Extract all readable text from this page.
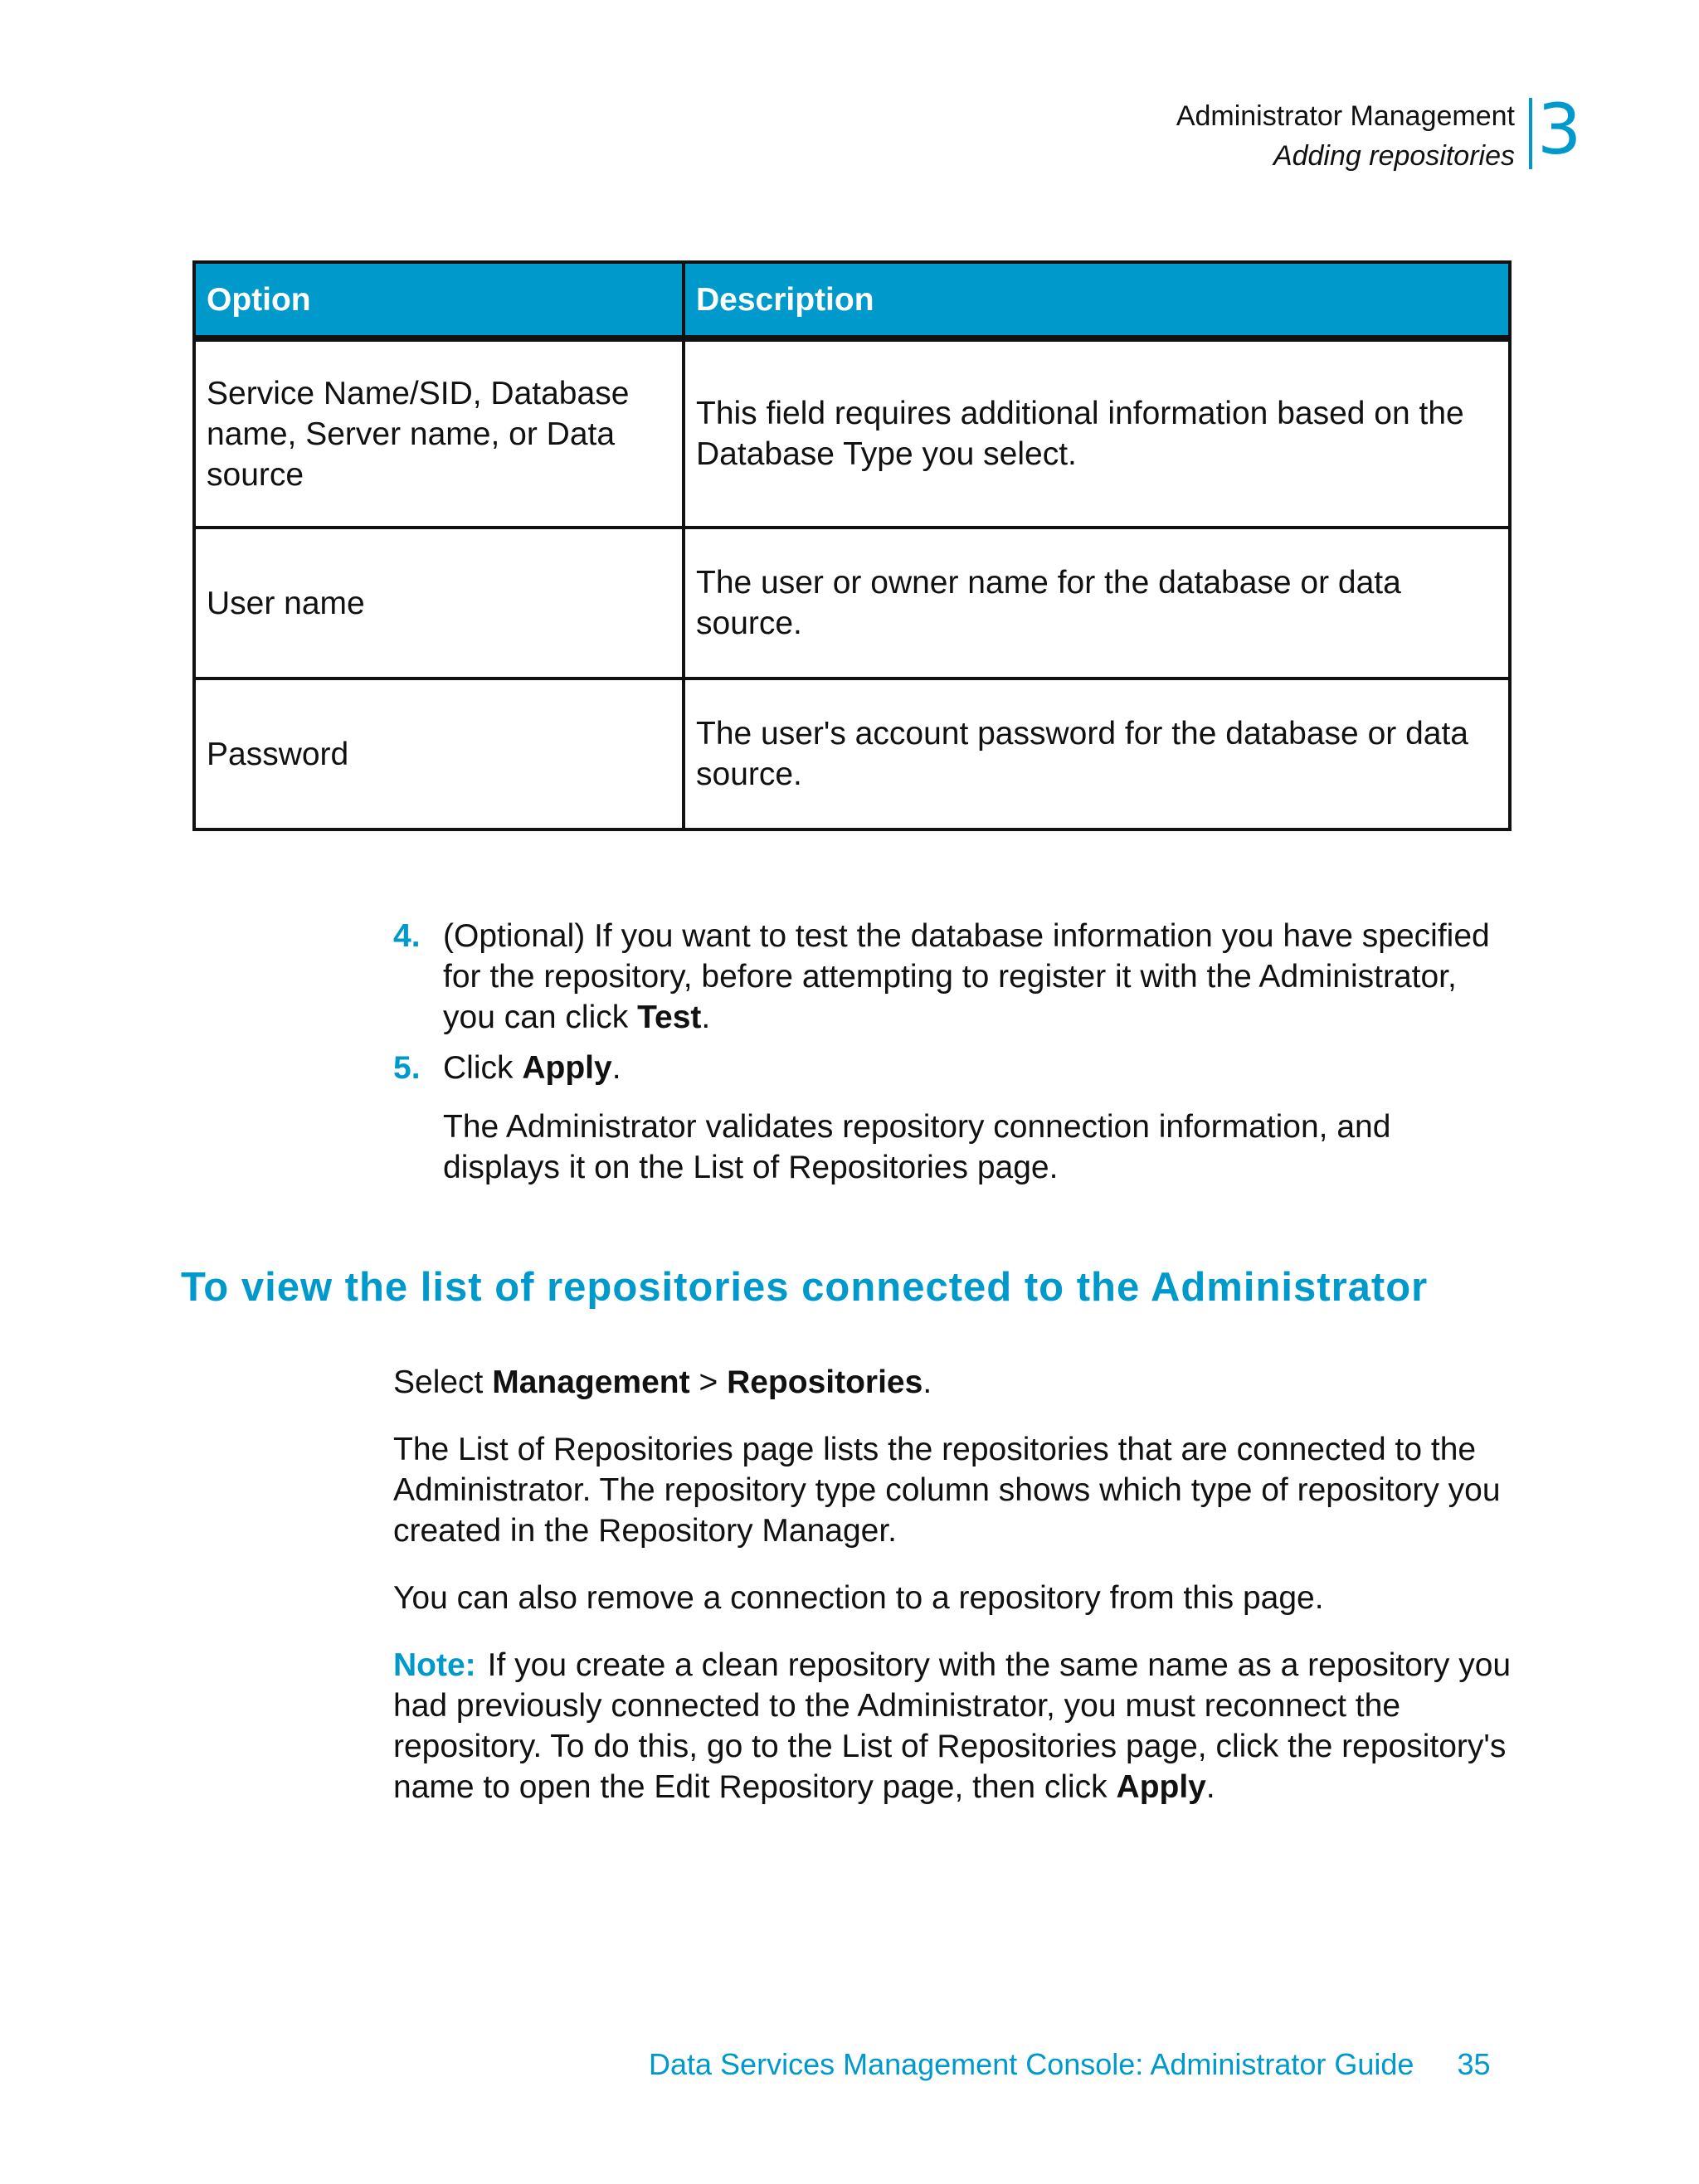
Administrator Management
Adding repositories 3
Option	Description
Service Name/SID, Database name, Server name, or Data source	This field requires additional information based on the Database Type you select.
User name	The user or owner name for the database or data source.
Password	The user's account password for the database or data source.
4. (Optional) If you want to test the database information you have specified for the repository, before attempting to register it with the Administrator, you can click Test.
5. Click Apply.
The Administrator validates repository connection information, and displays it on the List of Repositories page.
To view the list of repositories connected to the Administrator

Select Management > Repositories.

The List of Repositories page lists the repositories that are connected to the Administrator. The repository type column shows which type of repository you created in the Repository Manager.

You can also remove a connection to a repository from this page.

Note: If you create a clean repository with the same name as a repository you had previously connected to the Administrator, you must reconnect the repository. To do this, go to the List of Repositories page, click the repository's name to open the Edit Repository page, then click Apply.

Data Services Management Console: Administrator Guide 35
